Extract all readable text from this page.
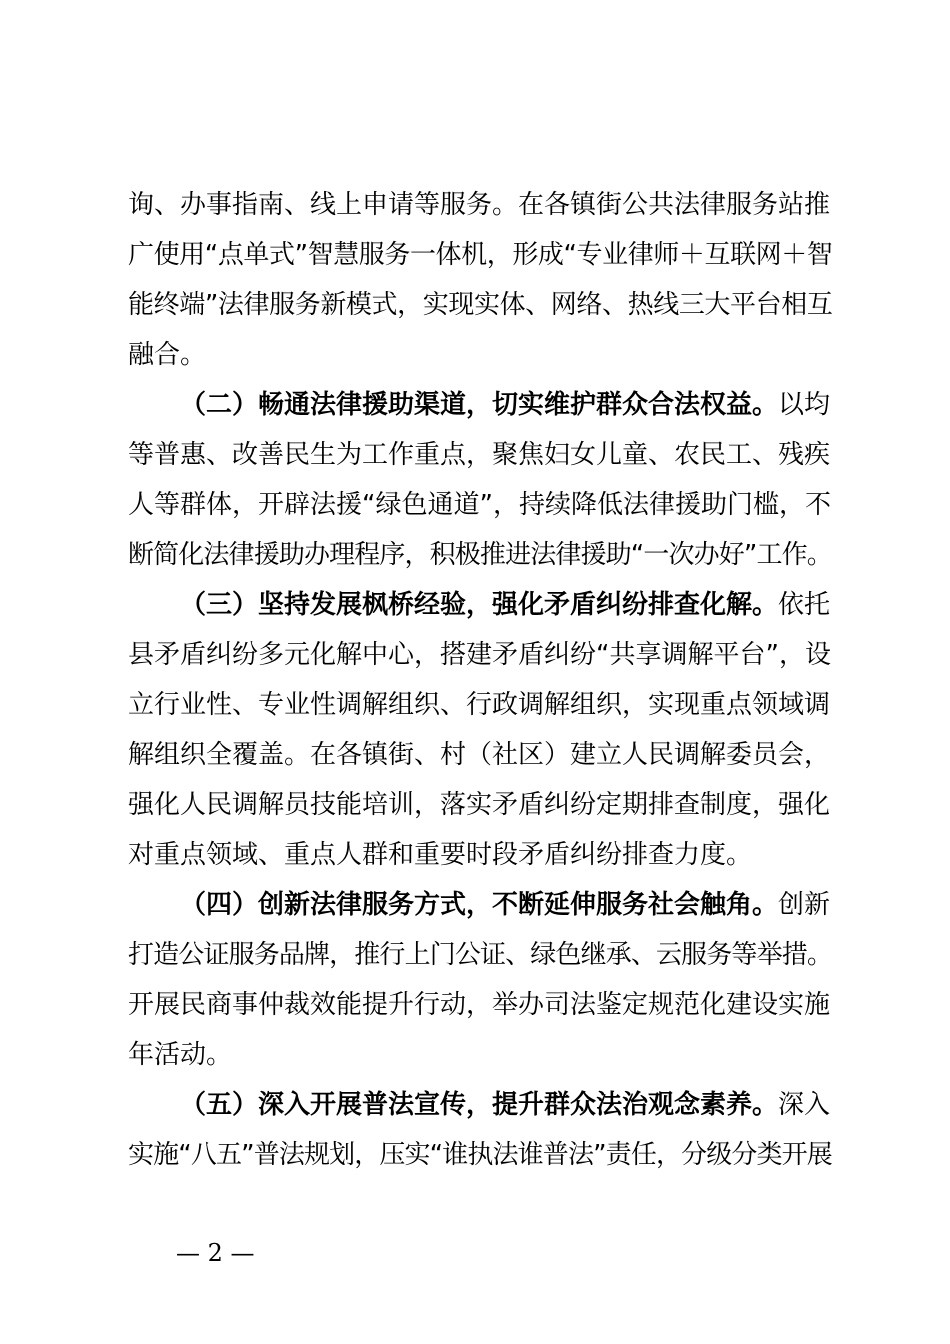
询、办事指南、线上申请等服务。在各镇街公共法律服务站推
广使用“点单式”智慧服务一体机，形成“专业律师＋互联网＋智
能终端”法律服务新模式，实现实体、网络、热线三大平台相互
融合。
（二）畅通法律援助渠道，切实维护群众合法权益。以均
等普惠、改善民生为工作重点，聚焦妇女儿童、农民工、残疾
人等群体，开辟法援“绿色通道”，持续降低法律援助门槛，不
断简化法律援助办理程序，积极推进法律援助“一次办好”工作。
（三）坚持发展枫桥经验，强化矛盾纠纷排查化解。依托
县矛盾纠纷多元化解中心，搭建矛盾纠纷“共享调解平台”，设
立行业性、专业性调解组织、行政调解组织，实现重点领域调
解组织全覆盖。在各镇街、村（社区）建立人民调解委员会，
强化人民调解员技能培训，落实矛盾纠纷定期排查制度，强化
对重点领域、重点人群和重要时段矛盾纠纷排查力度。
（四）创新法律服务方式，不断延伸服务社会触角。创新
打造公证服务品牌，推行上门公证、绿色继承、云服务等举措。
开展民商事仲裁效能提升行动，举办司法鉴定规范化建设实施
年活动。
（五）深入开展普法宣传，提升群众法治观念素养。深入
实施“八五”普法规划，压实“谁执法谁普法”责任，分级分类开展
— 2 —
